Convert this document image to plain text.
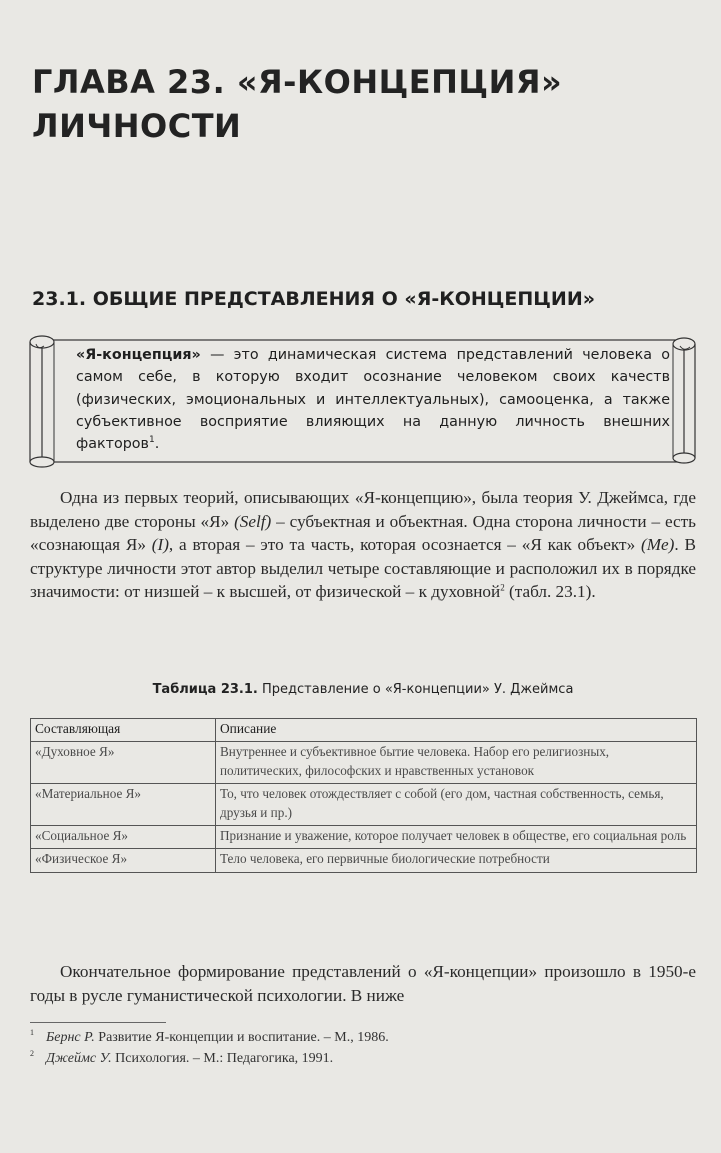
ГЛАВА 23. «Я-КОНЦЕПЦИЯ»
ЛИЧНОСТИ
23.1. ОБЩИЕ ПРЕДСТАВЛЕНИЯ О «Я-КОНЦЕПЦИИ»

«Я-концепция» — это динамическая система представлений человека о самом себе, в которую входит осознание человеком своих качеств (физических, эмоциональных и интеллектуальных), самооценка, а также субъективное восприятие влияющих на данную личность внешних факторов$^1$.

Одна из первых теорий, описывающих «Я-концепцию», была теория У. Джеймса, где выделено две стороны «Я» (Self) – субъектная и объектная. Одна сторона личности – есть «сознающая Я» (I), а вторая – это та часть, которая осознается – «Я как объект» (Me). В структуре личности этот автор выделил четыре составляющие и расположил их в порядке значимости: от низшей – к высшей, от физической – к духовной$^2$ (табл. 23.1).

Таблица 23.1. Представление о «Я-концепции» У. Джеймса
Составляющая	Описание
«Духовное Я»	Внутреннее и субъективное бытие человека. Набор его религиозных, политических, философских и нравственных установок
«Материальное Я»	То, что человек отождествляет с собой (его дом, частная собственность, семья, друзья и пр.)
«Социальное Я»	Признание и уважение, которое получает человек в обществе, его социальная роль
«Физическое Я»	Тело человека, его первичные биологические потребности

Окончательное формирование представлений о «Я-концепции» произошло в 1950-е годы в русле гуманистической психологии. В ниже

$^1$ Бернс Р. Развитие Я-концепции и воспитание. – М., 1986.

$^2$ Джеймс У. Психология. – М.: Педагогика, 1991.
